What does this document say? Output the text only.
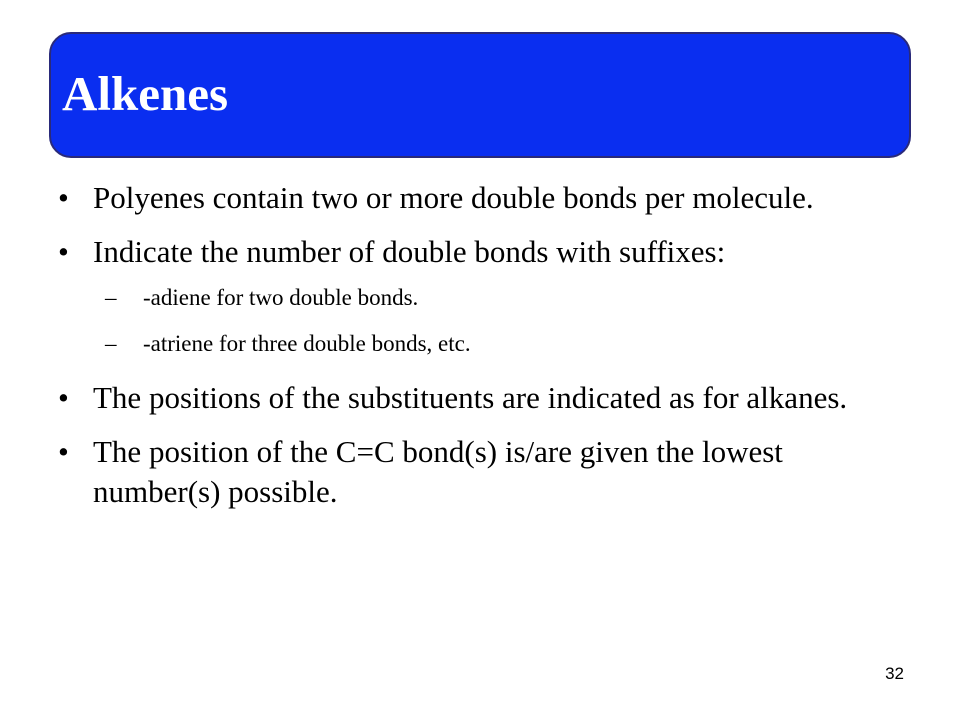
Alkenes
• Polyenes contain two or more double bonds per molecule.
• Indicate the number of double bonds with suffixes:
– -adiene for two double bonds.
– -atriene for three double bonds, etc.
• The positions of the substituents are indicated as for alkanes.
• The position of the C=C bond(s) is/are given the lowest number(s) possible.
32
